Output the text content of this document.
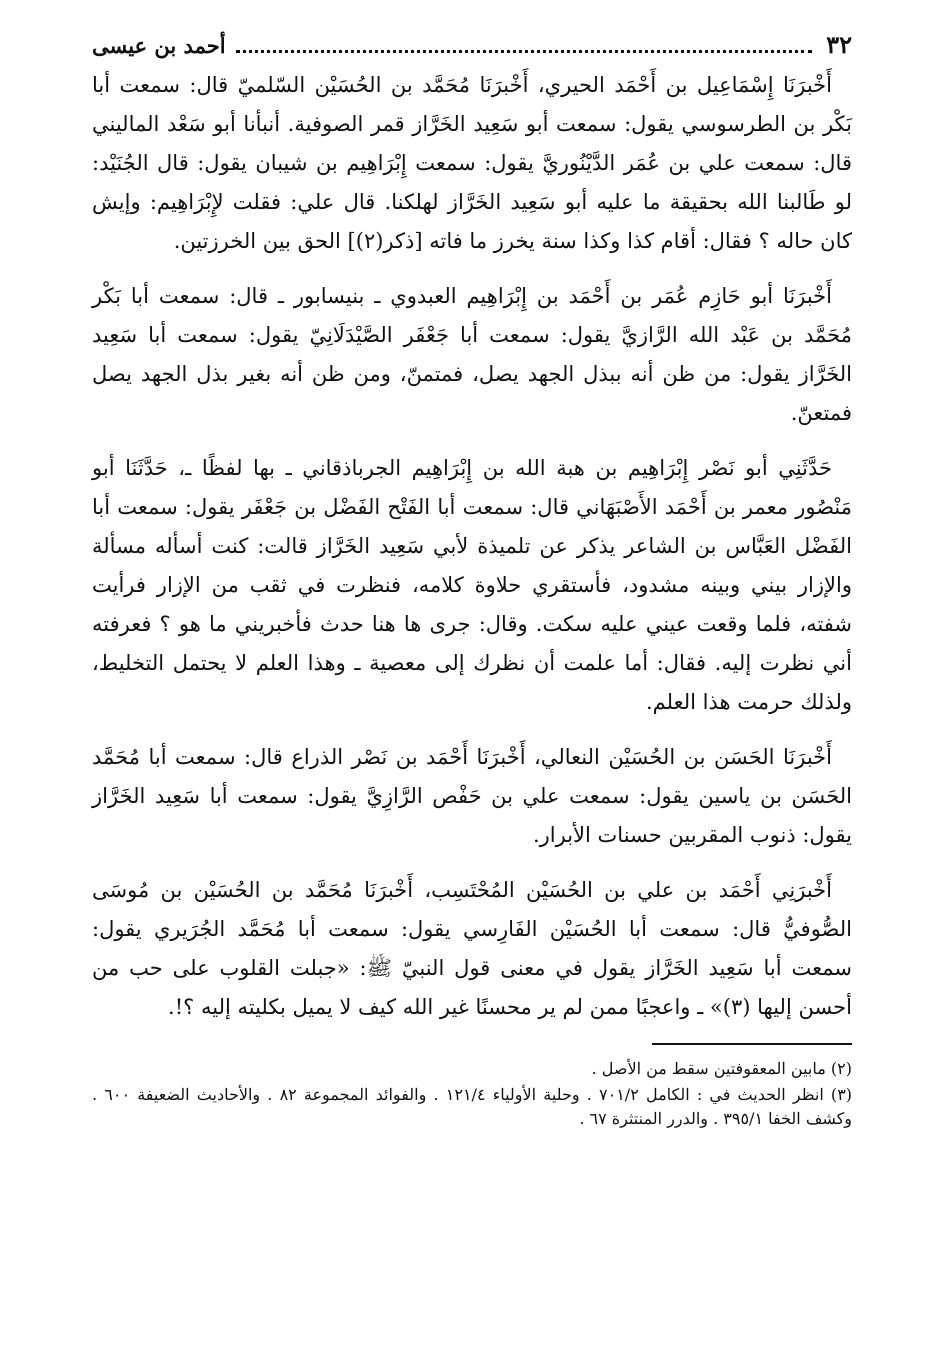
٣٢
أحمد بن عيسى

أَخْبرَنَا إِسْمَاعِيل بن أَحْمَد الحيري، أَخْبرَنَا مُحَمَّد بن الحُسَيْن السّلميّ قال: سمعت أبا بَكْر بن الطرسوسي يقول: سمعت أبو سَعِيد الخَرَّاز قمر الصوفية. أنبأنا أبو سَعْد الماليني قال: سمعت علي بن عُمَر الدَّيْنُوريَّ يقول: سمعت إِبْرَاهِيم بن شيبان يقول: قال الجُنَيْد: لو طَالبنا الله بحقيقة ما عليه أبو سَعِيد الخَرَّاز لهلكنا. قال علي: فقلت لإِبْرَاهِيم: وإيش كان حاله ؟ فقال: أقام كذا وكذا سنة يخرز ما فاته [ذكر(٢)] الحق بين الخرزتين.

أَخْبرَنَا أبو حَازِم عُمَر بن أَحْمَد بن إِبْرَاهِيم العبدوي ـ بنيسابور ـ قال: سمعت أبا بَكْر مُحَمَّد بن عَبْد الله الرَّازيَّ يقول: سمعت أبا جَعْفَر الصَّيْدَلَانِيّ يقول: سمعت أبا سَعِيد الخَرَّاز يقول: من ظن أنه ببذل الجهد يصل، فمتمنّ، ومن ظن أنه بغير بذل الجهد يصل فمتعنّ.

حَدَّثَنِي أبو نَصْر إِبْرَاهِيم بن هبة الله بن إِبْرَاهِيم الجرباذقاني ـ بها لفظًا ـ، حَدَّثَنَا أبو مَنْصُور معمر بن أَحْمَد الأَصْبَهَاني قال: سمعت أبا الفَتْح الفَضْل بن جَعْفَر يقول: سمعت أبا الفَضْل العَبَّاس بن الشاعر يذكر عن تلميذة لأبي سَعِيد الخَرَّاز قالت: كنت أسأله مسألة والإزار بيني وبينه مشدود، فأستقري حلاوة كلامه، فنظرت في ثقب من الإزار فرأيت شفته، فلما وقعت عيني عليه سكت. وقال: جرى ها هنا حدث فأخبريني ما هو ؟ فعرفته أني نظرت إليه. فقال: أما علمت أن نظرك إلى معصية ـ وهذا العلم لا يحتمل التخليط، ولذلك حرمت هذا العلم.

أَخْبرَنَا الحَسَن بن الحُسَيْن النعالي، أَخْبرَنَا أَحْمَد بن نَصْر الذراع قال: سمعت أبا مُحَمَّد الحَسَن بن ياسين يقول: سمعت علي بن حَفْص الرَّازِيَّ يقول: سمعت أبا سَعِيد الخَرَّاز يقول: ذنوب المقربين حسنات الأبرار.

أَخْبرَنِي أَحْمَد بن علي بن الحُسَيْن المُحْتَسِب، أَخْبرَنَا مُحَمَّد بن الحُسَيْن بن مُوسَى الصُّوفيُّ قال: سمعت أبا الحُسَيْن الفَارِسي يقول: سمعت أبا مُحَمَّد الجُرَيري يقول: سمعت أبا سَعِيد الخَرَّاز يقول في معنى قول النبيّ ﷺ: «جبلت القلوب على حب من أحسن إليها (٣)» ـ واعجبًا ممن لم ير محسنًا غير الله كيف لا يميل بكليته إليه ؟!.

(٢) مابين المعقوفتين سقط من الأصل .

(٣) انظر الحديث في : الكامل ٧٠١/٢ . وحلية الأولياء ١٢١/٤ . والفوائد المجموعة ٨٢ . والأحاديث الضعيفة ٦٠٠ . وكشف الخفا ٣٩٥/١ . والدرر المنتثرة ٦٧ .
